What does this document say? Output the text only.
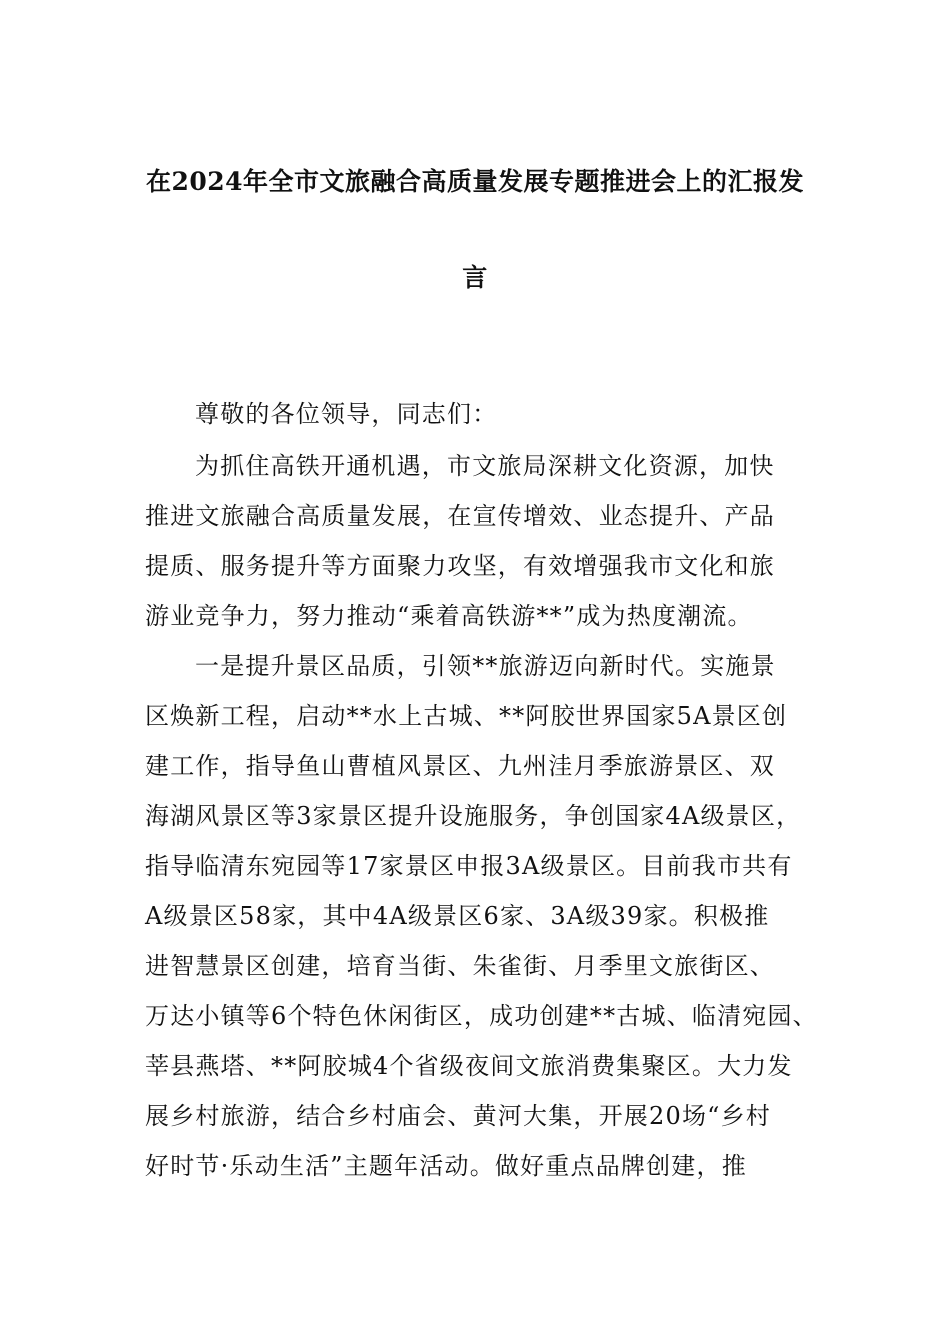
在2024年全市文旅融合高质量发展专题推进会上的汇报发
言
尊敬的各位领导，同志们：
为抓住高铁开通机遇，市文旅局深耕文化资源，加快
推进文旅融合高质量发展，在宣传增效、业态提升、产品
提质、服务提升等方面聚力攻坚，有效增强我市文化和旅
游业竞争力，努力推动“乘着高铁游**”成为热度潮流。
一是提升景区品质，引领**旅游迈向新时代。实施景
区焕新工程，启动**水上古城、**阿胶世界国家5A景区创
建工作，指导鱼山曹植风景区、九州洼月季旅游景区、双
海湖风景区等3家景区提升设施服务，争创国家4A级景区，
指导临清东宛园等17家景区申报3A级景区。目前我市共有
A级景区58家，其中4A级景区6家、3A级39家。积极推
进智慧景区创建，培育当街、朱雀街、月季里文旅街区、
万达小镇等6个特色休闲街区，成功创建**古城、临清宛园、
莘县燕塔、**阿胶城4个省级夜间文旅消费集聚区。大力发
展乡村旅游，结合乡村庙会、黄河大集，开展20场“乡村
好时节·乐动生活”主题年活动。做好重点品牌创建，推
